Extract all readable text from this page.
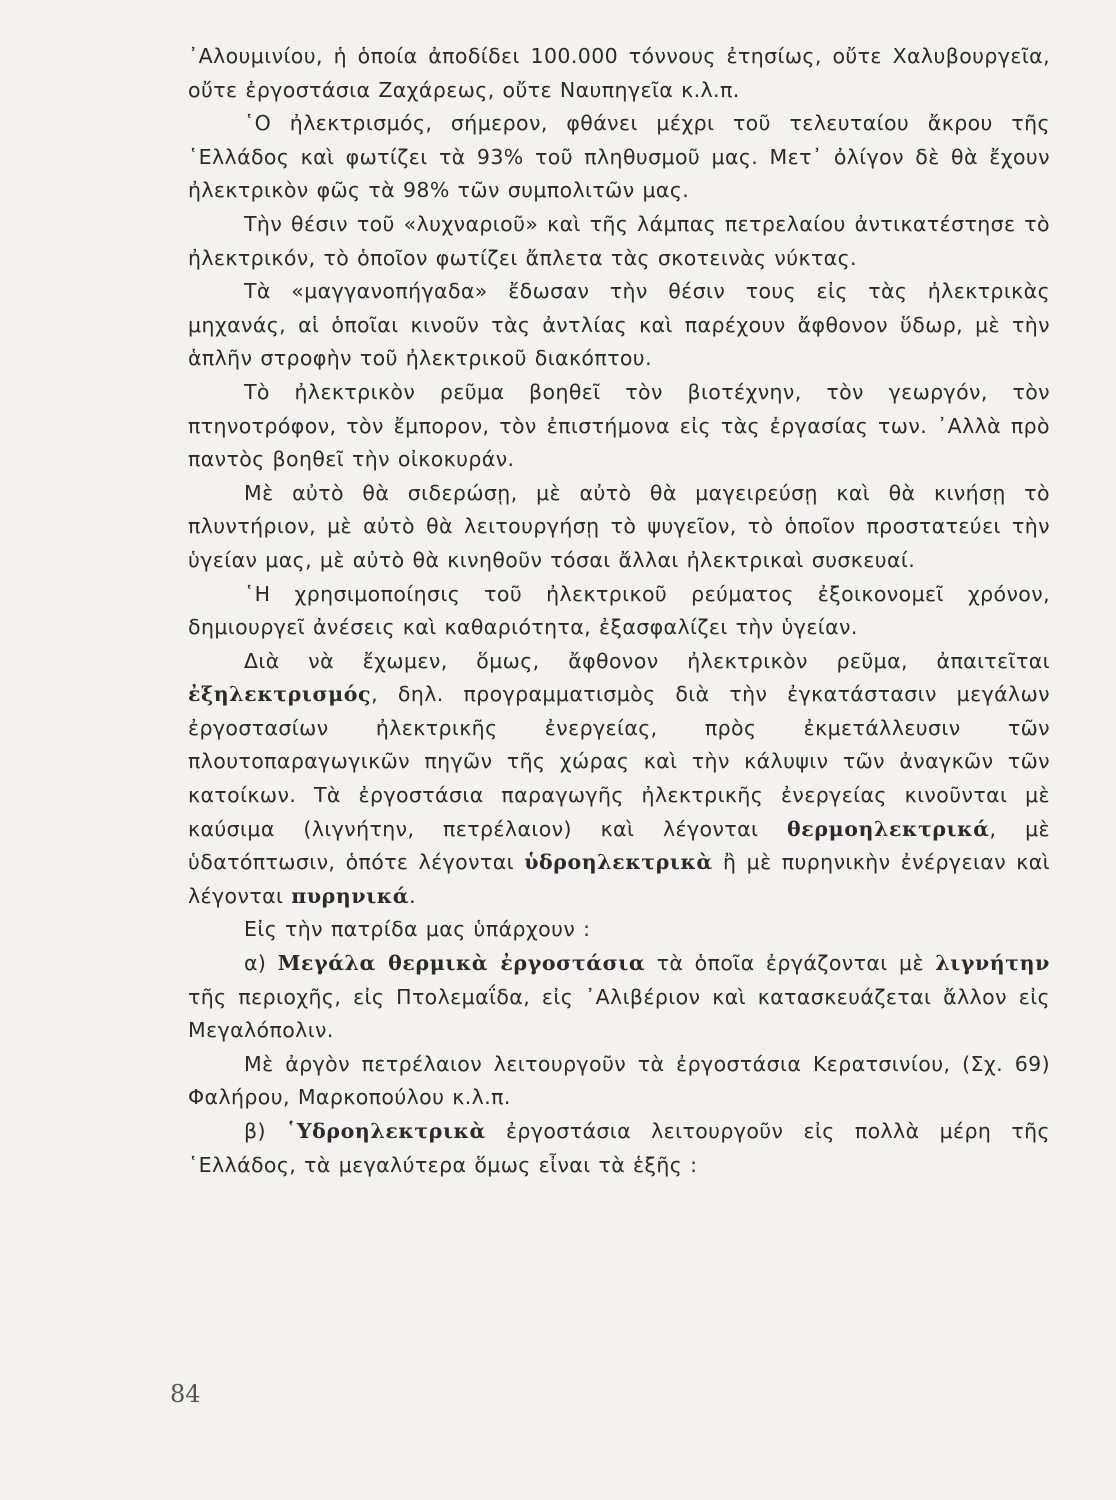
᾽Αλουμινίου, ἡ ὁποία ἀποδίδει 100.000 τόννους ἐτησίως, οὔτε Χαλυβουργεῖα, οὔτε ἐργοστάσια Ζαχάρεως, οὔτε Ναυπηγεῖα κ.λ.π.

῾Ο ἠλεκτρισμός, σήμερον, φθάνει μέχρι τοῦ τελευταίου ἄκρου τῆς ῾Ελλάδος καὶ φωτίζει τὰ 93% τοῦ πληθυσμοῦ μας. Μετ᾽ ὀλίγον δὲ θὰ ἔχουν ἠλεκτρικὸν φῶς τὰ 98% τῶν συμπολιτῶν μας.

Τὴν θέσιν τοῦ «λυχναριοῦ» καὶ τῆς λάμπας πετρελαίου ἀντικατέστησε τὸ ἠλεκτρικόν, τὸ ὁποῖον φωτίζει ἄπλετα τὰς σκοτεινὰς νύκτας.

Τὰ «μαγγανοπήγαδα» ἔδωσαν τὴν θέσιν τους εἰς τὰς ἠλεκτρικὰς μηχανάς, αἱ ὁποῖαι κινοῦν τὰς ἀντλίας καὶ παρέχουν ἄφθονον ὕδωρ, μὲ τὴν ἁπλῆν στροφὴν τοῦ ἠλεκτρικοῦ διακόπτου.

Τὸ ἠλεκτρικὸν ρεῦμα βοηθεῖ τὸν βιοτέχνην, τὸν γεωργόν, τὸν πτηνοτρόφον, τὸν ἔμπορον, τὸν ἐπιστήμονα εἰς τὰς ἐργασίας των. ᾽Αλλὰ πρὸ παντὸς βοηθεῖ τὴν οἰκοκυράν.

Μὲ αὐτὸ θὰ σιδερώσῃ, μὲ αὐτὸ θὰ μαγειρεύσῃ καὶ θὰ κινήσῃ τὸ πλυντήριον, μὲ αὐτὸ θὰ λειτουργήσῃ τὸ ψυγεῖον, τὸ ὁποῖον προστατεύει τὴν ὑγείαν μας, μὲ αὐτὸ θὰ κινηθοῦν τόσαι ἄλλαι ἠλεκτρικαὶ συσκευαί.

῾Η χρησιμοποίησις τοῦ ἠλεκτρικοῦ ρεύματος ἐξοικονομεῖ χρόνον, δημιουργεῖ ἀνέσεις καὶ καθαριότητα, ἐξασφαλίζει τὴν ὑγείαν.

Διὰ νὰ ἔχωμεν, ὅμως, ἄφθονον ἠλεκτρικὸν ρεῦμα, ἀπαιτεῖται ἐξηλεκτρισμός, δηλ. προγραμματισμὸς διὰ τὴν ἐγκατάστασιν μεγάλων ἐργοστασίων ἠλεκτρικῆς ἐνεργείας, πρὸς ἐκμετάλλευσιν τῶν πλουτοπαραγωγικῶν πηγῶν τῆς χώρας καὶ τὴν κάλυψιν τῶν ἀναγκῶν τῶν κατοίκων. Τὰ ἐργοστάσια παραγωγῆς ἠλεκτρικῆς ἐνεργείας κινοῦνται μὲ καύσιμα (λιγνήτην, πετρέλαιον) καὶ λέγονται θερμοηλεκτρικά, μὲ ὑδατόπτωσιν, ὁπότε λέγονται ὑδροηλεκτρικὰ ἢ μὲ πυρηνικὴν ἐνέργειαν καὶ λέγονται πυρηνικά.

Εἰς τὴν πατρίδα μας ὑπάρχουν :

α) Μεγάλα θερμικὰ ἐργοστάσια τὰ ὁποῖα ἐργάζονται μὲ λιγνήτην τῆς περιοχῆς, εἰς Πτολεμαΐδα, εἰς ᾽Αλιβέριον καὶ κατασκευάζεται ἄλλον εἰς Μεγαλόπολιν.

Μὲ ἀργὸν πετρέλαιον λειτουργοῦν τὰ ἐργοστάσια Κερατσινίου, (Σχ. 69) Φαλήρου, Μαρκοπούλου κ.λ.π.

β) ῾Υδροηλεκτρικὰ ἐργοστάσια λειτουργοῦν εἰς πολλὰ μέρη τῆς ῾Ελλάδος, τὰ μεγαλύτερα ὅμως εἶναι τὰ ἑξῆς :

84
